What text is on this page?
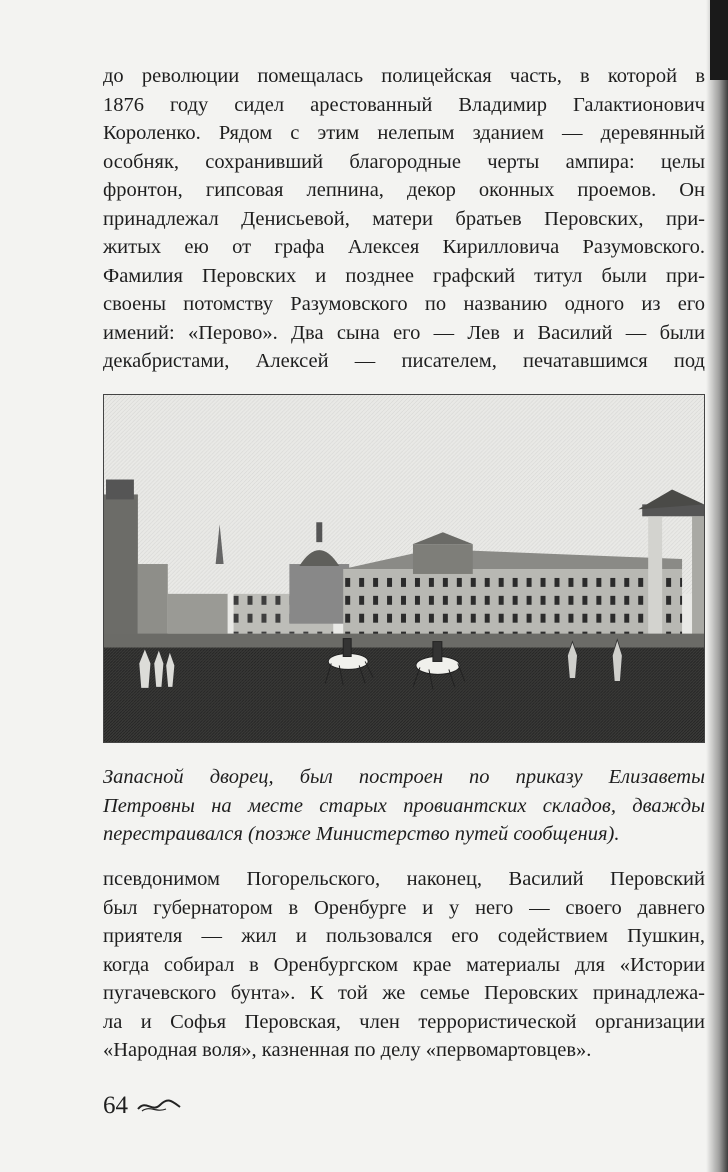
до революции помещалась полицейская часть, в которой в
1876 году сидел арестованный Владимир Галактионович
Короленко. Рядом с этим нелепым зданием — деревянный
особняк, сохранивший благородные черты ампира: целы
фронтон, гипсовая лепнина, декор оконных проемов. Он
принадлежал Денисьевой, матери братьев Перовских, при-
житых ею от графа Алексея Кирилловича Разумовского.
Фамилия Перовских и позднее графский титул были при-
своены потомству Разумовского по названию одного из его
имений: «Перово». Два сына его — Лев и Василий — были
декабристами, Алексей — писателем, печатавшимся под
Запасной дворец, был построен по приказу Елизаветы
Петровны на месте старых провиантских складов, дважды
перестраивался (позже Министерство путей сообщения).
псевдонимом Погорельского, наконец, Василий Перовский
был губернатором в Оренбурге и у него — своего давнего
приятеля — жил и пользовался его содействием Пушкин,
когда собирал в Оренбургском крае материалы для «Истории
пугачевского бунта». К той же семье Перовских принадлежа-
ла и Софья Перовская, член террористической организации
«Народная воля», казненная по делу «первомартовцев».
64
